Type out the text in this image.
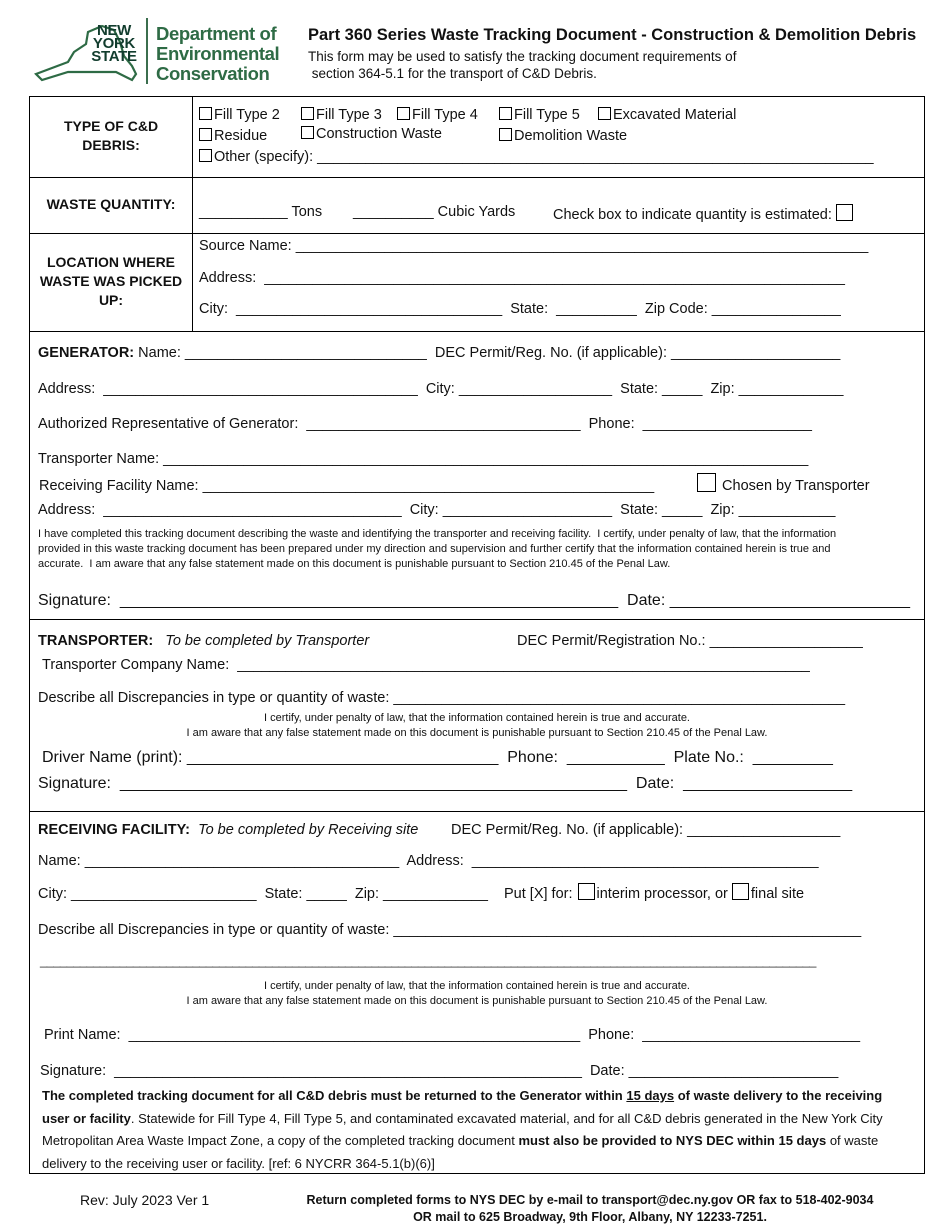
NEW YORK STATE
Department of
Environmental
Conservation
Part 360 Series Waste Tracking Document - Construction & Demolition Debris
This form may be used to satisfy the tracking document requirements of
section 364-5.1 for the transport of C&D Debris.
TYPE OF C&D DEBRIS:
Fill Type 2	Fill Type 3	Fill Type 4	Fill Type 5	Excavated Material
Residue	Construction Waste	Demolition Waste
Other (specify): _____________________________________________________________________
WASTE QUANTITY:	___________ Tons __________ Cubic Yards	Check box to indicate quantity is estimated:
LOCATION WHERE WASTE WAS PICKED UP:
Source Name: _______________________________________________________________________
Address:  ________________________________________________________________________
City:  _________________________________  State:  __________  Zip Code: ________________
GENERATOR: Name: ______________________________  DEC Permit/Reg. No. (if applicable): _____________________
Address:  _______________________________________  City: ___________________  State: _____  Zip: _____________
Authorized Representative of Generator:  __________________________________  Phone:  _____________________
Transporter Name: ________________________________________________________________________________
Receiving Facility Name: ________________________________________________________	Chosen by Transporter
Address:  _____________________________________  City: _____________________  State: _____  Zip: ____________
I have completed this tracking document describing the waste and identifying the transporter and receiving facility.  I certify, under penalty of law, that the information
provided in this waste tracking document has been prepared under my direction and supervision and further certify that the information contained herein is true and
accurate.  I am aware that any false statement made on this document is punishable pursuant to Section 210.45 of the Penal Law.
Signature:  ________________________________________________________  Date: ___________________________
TRANSPORTER: To be completed by Transporter	DEC Permit/Registration No.: ___________________
Transporter Company Name:  _______________________________________________________________________
Describe all Discrepancies in type or quantity of waste: ________________________________________________________
I certify, under penalty of law, that the information contained herein is true and accurate.
I am aware that any false statement made on this document is punishable pursuant to Section 210.45 of the Penal Law.
Driver Name (print): ___________________________________  Phone:  ___________  Plate No.:  _________
Signature:  _________________________________________________________  Date:  ___________________
RECEIVING FACILITY: To be completed by Receiving site DEC Permit/Reg. No. (if applicable): ___________________
Name: _______________________________________  Address:  ___________________________________________
City: _______________________  State: _____  Zip: _____________    Put [X] for: interim processor, or final site
Describe all Discrepancies in type or quantity of waste: __________________________________________________________
_____________________________________________________________________________________________________________________
I certify, under penalty of law, that the information contained herein is true and accurate.
I am aware that any false statement made on this document is punishable pursuant to Section 210.45 of the Penal Law.
Print Name:  ________________________________________________________  Phone:  ___________________________
Signature:  __________________________________________________________  Date: __________________________
The completed tracking document for all C&D debris must be returned to the Generator within 15 days of waste delivery to the receiving user or facility. Statewide for Fill Type 4, Fill Type 5, and contaminated excavated material, and for all C&D debris generated in the New York City Metropolitan Area Waste Impact Zone, a copy of the completed tracking document must also be provided to NYS DEC within 15 days of waste delivery to the receiving user or facility. [ref: 6 NYCRR 364-5.1(b)(6)]
Rev: July 2023 Ver 1	Return completed forms to NYS DEC by e-mail to transport@dec.ny.gov OR fax to 518-402-9034
OR mail to 625 Broadway, 9th Floor, Albany, NY 12233-7251.
